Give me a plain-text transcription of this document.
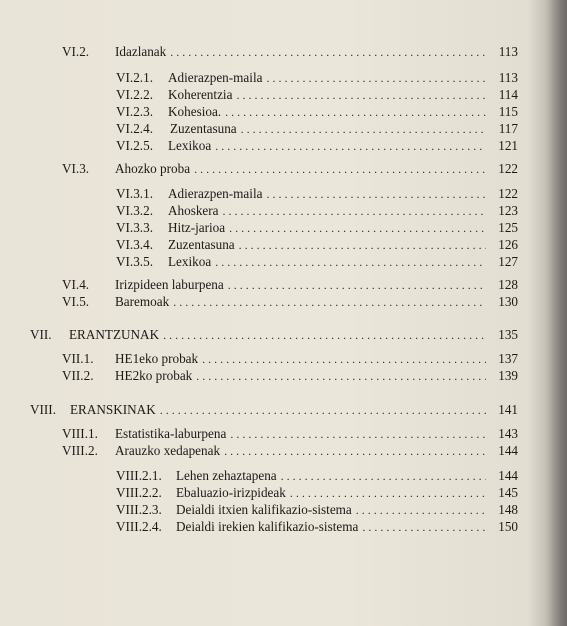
VI.2.	Idazlanak . . .	113
VI.2.1.	Adierazpen-maila . . .	113
VI.2.2.	Koherentzia . . .	114
VI.2.3.	Kohesioa. . . .	115
VI.2.4.	Zuzentasuna . . .	117
VI.2.5.	Lexikoa . . .	121
VI.3.	Ahozko proba . . .	122
VI.3.1.	Adierazpen-maila . . .	122
VI.3.2.	Ahoskera . . .	123
VI.3.3.	Hitz-jarioa . . .	125
VI.3.4.	Zuzentasuna . . .	126
VI.3.5.	Lexikoa . . .	127
VI.4.	Irizpideen laburpena . . .	128
VI.5.	Baremoak . . .	130
VII.	ERANTZUNAK . . .	135
VII.1.	HE1eko probak . . .	137
VII.2.	HE2ko probak . . .	139
VIII.	ERANSKINAK . . .	141
VIII.1.	Estatistika-laburpena . . .	143
VIII.2.	Arauzko xedapenak . . .	144
VIII.2.1.	Lehen zehaztapena . . .	144
VIII.2.2.	Ebaluazio-irizpideak . . .	145
VIII.2.3.	Deialdi itxien kalifikazio-sistema . . .	148
VIII.2.4.	Deialdi irekien kalifikazio-sistema . . .	150
